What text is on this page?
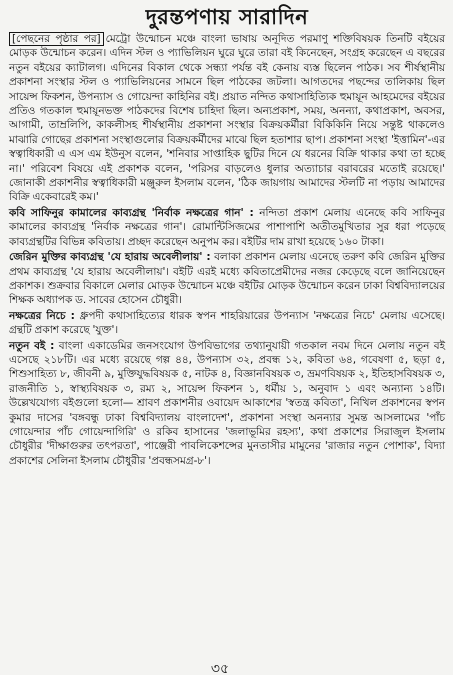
দুরন্তপণায় সারাদিন

[পেছনের পৃষ্ঠার পর] মেট্রো উন্মোচন মঞ্চে বাংলা ভাষায় অনূদিত পরমাণু শক্তিবিষয়ক তিনটি বইয়ের মোড়ক উন্মোচন করেন। এদিন স্টল ও প্যাভিলিয়ন ঘুরে ঘুরে তারা বই কিনেছেন, সংগ্রহ করেছেন এ বছরের নতুন বইয়ের ক্যাটালগ। এদিনের বিকাল থেকে সন্ধ্যা পর্যন্ত বই কেনায় ব্যস্ত ছিলেন পাঠক। সব শীর্ষস্থানীয় প্রকাশনা সংস্থার স্টল ও প্যাভিলিয়নের সামনে ছিল পাঠকের জটলা। আগতদের পছন্দের তালিকায় ছিল সায়েন্স ফিকশন, উপন্যাস ও গোয়েন্দা কাহিনির বই। প্রয়াত নন্দিত কথাসাহিত্যিক হুমায়ূন আহমেদের বইয়ের প্রতিও গতকাল হুমায়ূনভক্ত পাঠকদের বিশেষ চাহিদা ছিল। অন্যপ্রকাশ, সময়, অনন্যা, কথাপ্রকাশ, অবসর, আগামী, তাম্রলিপি, কাকলীসহ শীর্ষস্থানীয় প্রকাশনা সংস্থার বিক্রয়কর্মীরা বিকিকিনি নিয়ে সন্তুষ্ট থাকলেও মাঝারি গোছের প্রকাশনা সংস্থাগুলোর বিক্রয়কর্মীদের মাঝে ছিল হতাশার ছাপ। প্রকাশনা সংস্থা 'ইত্তামিন'-এর স্বত্বাধিকারী এ এস এম ইউনুস বলেন, 'শনিবার সাপ্তাহিক ছুটির দিনে যে ধরনের বিক্রি থাকার কথা তা হচ্ছে না।' পরিবেশ বিষয়ে এই প্রকাশক বলেন, 'পরিসর বাড়লেও ধুলার অত্যাচার বরাবরের মতোই রয়েছে।' জোনাকী প্রকাশনীর স্বত্বাধিকারী মঞ্জুরুল ইসলাম বলেন, 'ঠিক জায়গায় আমাদের স্টলটি না পড়ায় আমাদের বিক্রি একেবারেই কম।'

কবি সাফিনুর কামালের কাব্যগ্রন্থ 'নির্বাক নক্ষত্রের গান' : নন্দিতা প্রকাশ মেলায় এনেছে কবি সাফিনুর কামালের কাব্যগ্রন্থ 'নির্বাক নক্ষত্রের গান'। রোমান্টিসিজমের পাশাপাশি অতীতমুখিতার সুর ধরা পড়েছে কাব্যগ্রন্থটির বিভিন্ন কবিতায়। প্রচ্ছদ করেছেন অনুপম কর। বইটির দাম রাখা হয়েছে ১৬০ টাকা।

জেরিন মুক্তির কাব্যগ্রন্থ 'যে হারায় অবেলীলায়' : বলাকা প্রকাশন মেলায় এনেছে তরুণ কবি জেরিন মুক্তির প্রথম কাব্যগ্রন্থ 'যে হারায় অবেলীলায়'। বইটি এরই মধ্যে কবিতাপ্রেমীদের নজর কেড়েছে বলে জানিয়েছেন প্রকাশক। শুক্রবার বিকালে মেলার মোড়ক উন্মোচন মঞ্চে বইটির মোড়ক উন্মোচন করেন ঢাকা বিশ্ববিদ্যালয়ের শিক্ষক অধ্যাপক ড. সাবের হোসেন চৌধুরী।

নক্ষত্রের নিচে : ধ্রুপদী কথাসাহিত্যের ধারক স্বপন শাহরিয়ারের উপন্যাস 'নক্ষত্রের নিচে' মেলায় এসেছে। গ্রন্থটি প্রকাশ করেছে 'যুক্ত'।

নতুন বই : বাংলা একাডেমির জনসংযোগ উপবিভাগের তথ্যানুযায়ী গতকাল নবম দিনে মেলায় নতুন বই এসেছে ২১৮টি। এর মধ্যে রয়েছে গল্প ৪৪, উপন্যাস ৩২, প্রবন্ধ ১২, কবিতা ৬৪, গবেষণা ৫, ছড়া ৫, শিশুসাহিত্য ৮, জীবনী ৯, মুক্তিযুদ্ধবিষয়ক ৫, নাটক ৪, বিজ্ঞানবিষয়ক ৩, ভ্রমণবিষয়ক ২, ইতিহাসবিষয়ক ৩, রাজনীতি ১, স্বাস্থ্যবিষয়ক ৩, রম্য ২, সায়েন্স ফিকশন ১, ধর্মীয় ১, অনুবাদ ১ এবং অন্যান্য ১৪টি। উল্লেখযোগ্য বইগুলো হলো— শ্রাবণ প্রকাশনীর ওবায়েদ আকাশের 'স্বতন্ত্র কবিতা', নিখিল প্রকাশনের স্বপন কুমার দাসের 'বঙ্গবন্ধু ঢাকা বিশ্ববিদ্যালয় বাংলাদেশ', প্রকাশনা সংস্থা অনন্যার সুমন্ত আসলামের 'পাঁচ গোয়েন্দার পাঁচ গোয়েন্দাগিরি' ও রকিব হাসানের 'জলাভূমির রহস্য', কথা প্রকাশের সিরাজুল ইসলাম চৌধুরীর 'দীক্ষাগুরুর তৎপরতা', পাঞ্জেরী পাবলিকেশন্সের মুনতাসীর মামুনের 'রাজার নতুন পোশাক', বিদ্যা প্রকাশের সেলিনা ইসলাম চৌধুরীর 'প্রবন্ধসমগ্র-৮'।

৩৫
